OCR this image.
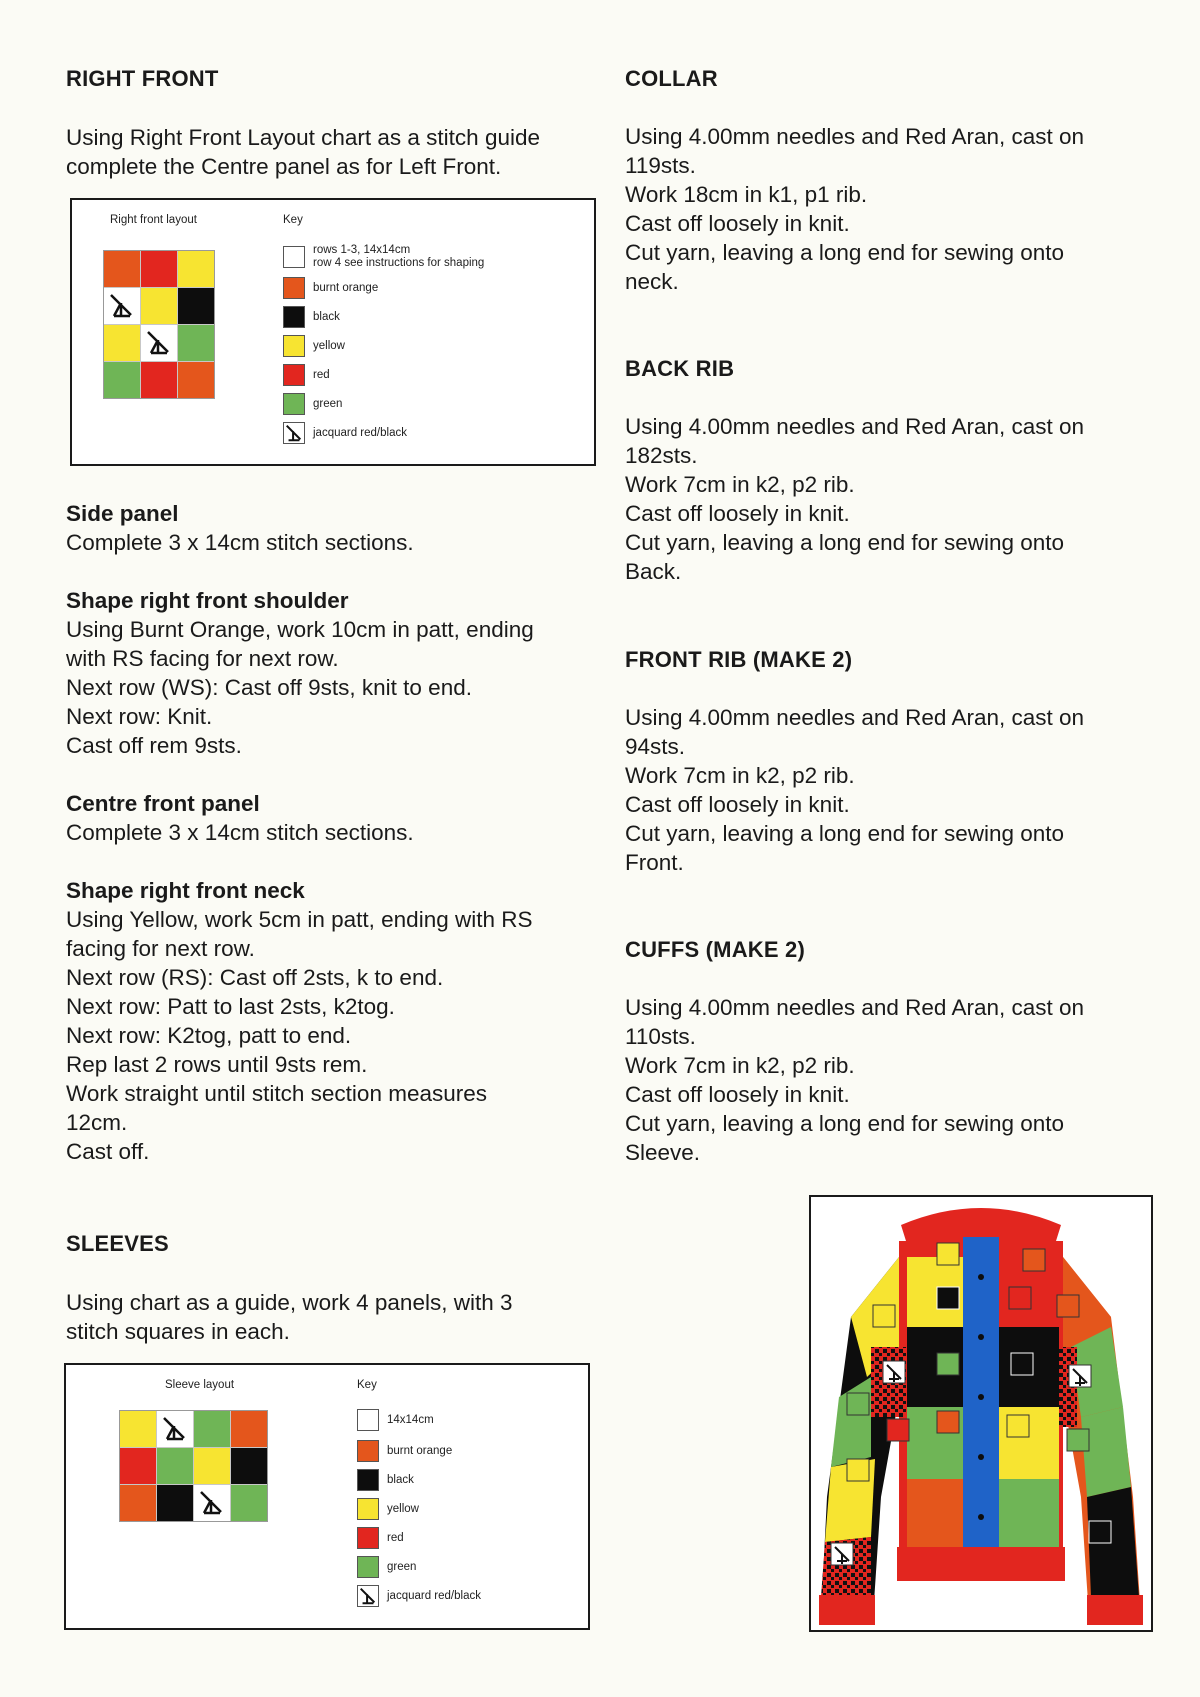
RIGHT FRONT
Using Right Front Layout chart as a stitch guide
complete the Centre panel as for Left Front.
Right front layout	Key
rows 1-3, 14x14cm
row 4 see instructions for shaping
burnt orange
black
yellow
red
green
jacquard red/black
Side panel
Complete 3 x 14cm stitch sections.
Shape right front shoulder
Using Burnt Orange, work 10cm in patt, ending
with RS facing for next row.
Next row (WS): Cast off 9sts, knit to end.
Next row: Knit.
Cast off rem 9sts.
Centre front panel
Complete 3 x 14cm stitch sections.
Shape right front neck
Using Yellow, work 5cm in patt, ending with RS
facing for next row.
Next row (RS): Cast off 2sts, k to end.
Next row: Patt to last 2sts, k2tog.
Next row: K2tog, patt to end.
Rep last 2 rows until 9sts rem.
Work straight until stitch section measures
12cm.
Cast off.
SLEEVES
Using chart as a guide, work 4 panels, with 3
stitch squares in each.
Sleeve layout	Key
14x14cm
burnt orange
black
yellow
red
green
jacquard red/black
COLLAR
Using 4.00mm needles and Red Aran, cast on
119sts.
Work 18cm in k1, p1 rib.
Cast off loosely in knit.
Cut yarn, leaving a long end for sewing onto
neck.
BACK RIB
Using 4.00mm needles and Red Aran, cast on
182sts.
Work 7cm in k2, p2 rib.
Cast off loosely in knit.
Cut yarn, leaving a long end for sewing onto
Back.
FRONT RIB (MAKE 2)
Using 4.00mm needles and Red Aran, cast on
94sts.
Work 7cm in k2, p2 rib.
Cast off loosely in knit.
Cut yarn, leaving a long end for sewing onto
Front.
CUFFS (MAKE 2)
Using 4.00mm needles and Red Aran, cast on
110sts.
Work 7cm in k2, p2 rib.
Cast off loosely in knit.
Cut yarn, leaving a long end for sewing onto
Sleeve.
